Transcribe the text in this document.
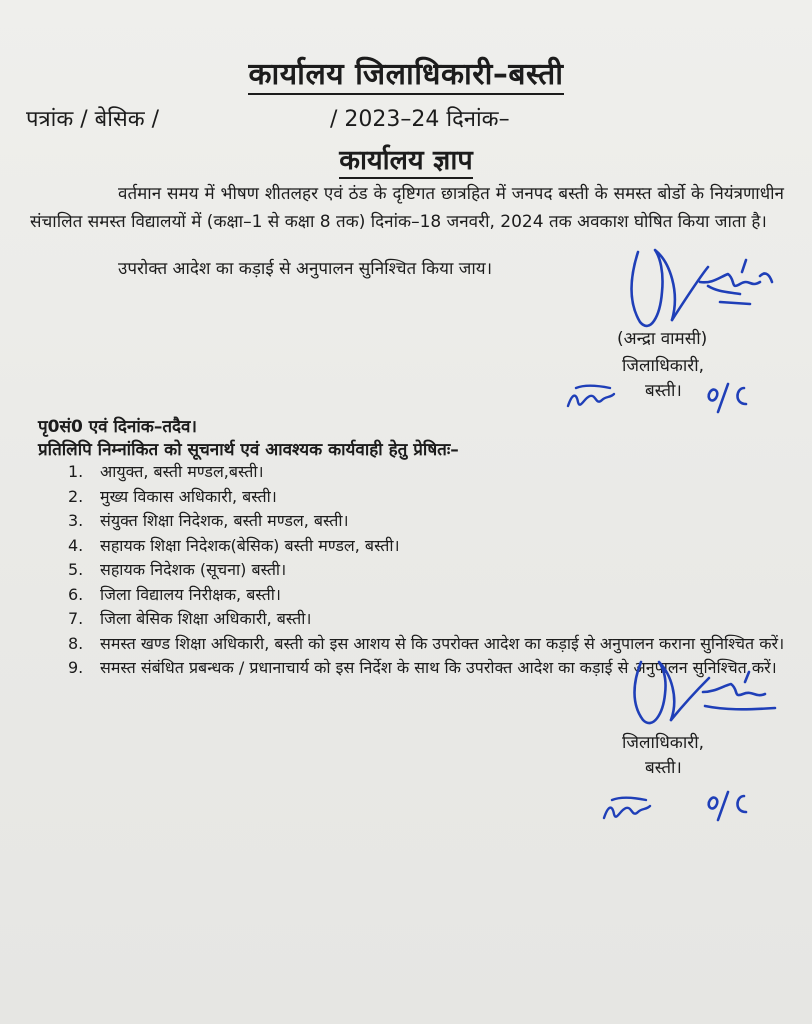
कार्यालय जिलाधिकारी–बस्ती
पत्रांक / बेसिक /	/ 2023–24 दिनांक–
कार्यालय ज्ञाप
वर्तमान समय में भीषण शीतलहर एवं ठंड के दृष्टिगत छात्रहित में जनपद बस्ती के समस्त बोर्डो के नियंत्रणाधीन संचालित समस्त विद्यालयों में (कक्षा–1 से कक्षा 8 तक) दिनांक–18 जनवरी, 2024 तक अवकाश घोषित किया जाता है।
उपरोक्त आदेश का कड़ाई से अनुपालन सुनिश्चित किया जाय।
(अन्द्रा वामसी)
जिलाधिकारी,
बस्ती।
पृ0सं0 एवं दिनांक–तदैव।
प्रतिलिपि निम्नांकित को सूचनार्थ एवं आवश्यक कार्यवाही हेतु प्रेषितः–
1.	आयुक्त, बस्ती मण्डल,बस्ती।
2.	मुख्य विकास अधिकारी, बस्ती।
3.	संयुक्त शिक्षा निदेशक, बस्ती मण्डल, बस्ती।
4.	सहायक शिक्षा निदेशक(बेसिक) बस्ती मण्डल, बस्ती।
5.	सहायक निदेशक (सूचना) बस्ती।
6.	जिला विद्यालय निरीक्षक, बस्ती।
7.	जिला बेसिक शिक्षा अधिकारी, बस्ती।
8.	समस्त खण्ड शिक्षा अधिकारी, बस्ती को इस आशय से कि उपरोक्त आदेश का कड़ाई से अनुपालन कराना सुनिश्चित करें।
9.	समस्त संबंधित प्रबन्धक / प्रधानाचार्य को इस निर्देश के साथ कि उपरोक्त आदेश का कड़ाई से अनुपालन सुनिश्चित करें।
जिलाधिकारी,
बस्ती।
